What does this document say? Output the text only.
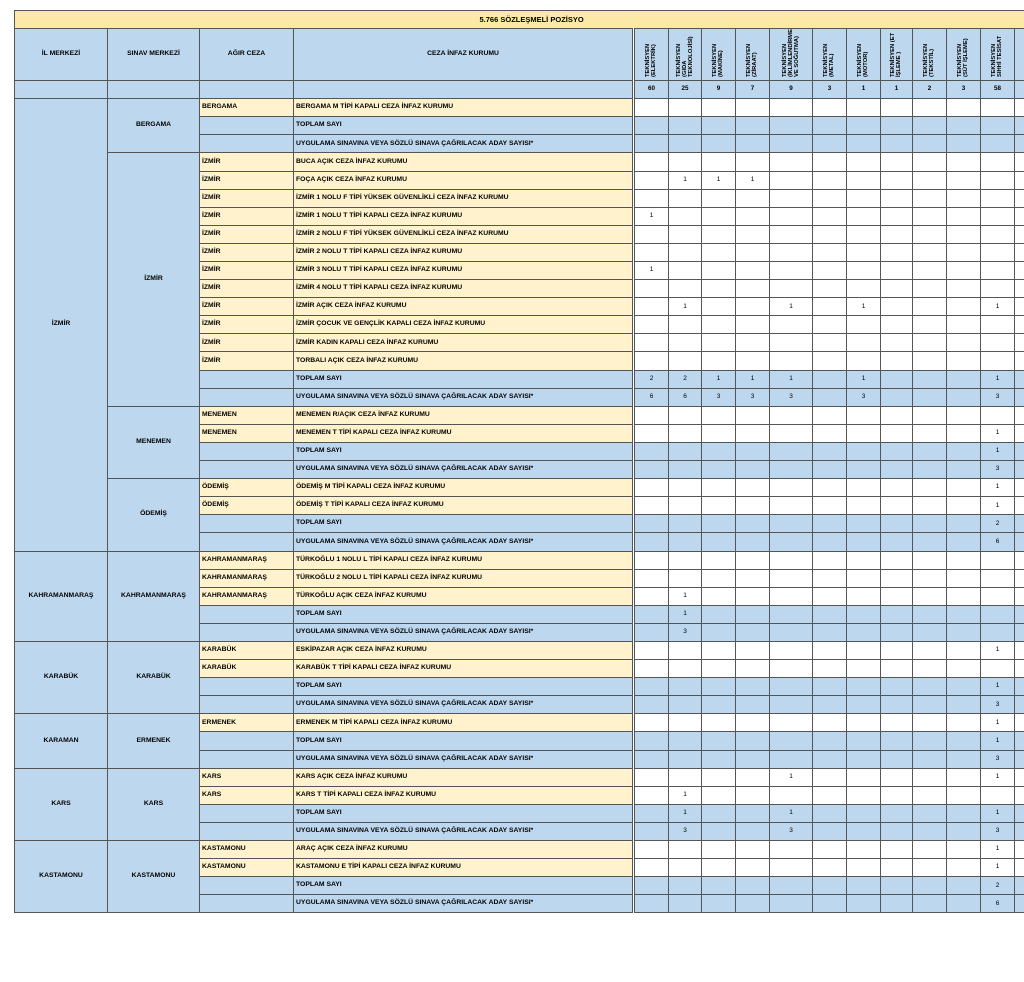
5.766 SÖZLEŞMELİ POZİSYO															
İL MERKEZİ	SINAV MERKEZİ	AĞIR CEZA	CEZA İNFAZ KURUMU	TEKNİSYEN (ELEKTRİK)	TEKNİSYEN (GIDA TEKNOLOJİSİ)	TEKNİSYEN (MAKİNE)	TEKNİSYEN (ZİRAAT)	TEKNİSYEN (İKLİMLENDİRME VE SOĞUTMA)	TEKNİSYEN (METAL)	TEKNİSYEN (MOTOR)	TEKNİSYEN (ET İŞLEME )	TEKNİSYEN (TEKSTİL)	TEKNİSYEN (SÜT İŞLEME)	TEKNİSYEN SIHHİ TESİSAT	

				60	25	9	7	9	3	1	1	2	3	58	
İZMİR	BERGAMA	BERGAMA	BERGAMA M TİPİ KAPALI CEZA İNFAZ KURUMU												
			TOPLAM SAYI												
			UYGULAMA SINAVINA VEYA SÖZLÜ SINAVA ÇAĞRILACAK ADAY SAYISI*												
	İZMİR	İZMİR	BUCA AÇIK CEZA İNFAZ KURUMU												
		İZMİR	FOÇA AÇIK CEZA İNFAZ KURUMU		1	1	1								
		İZMİR	İZMİR 1 NOLU F TİPİ YÜKSEK GÜVENLİKLİ CEZA İNFAZ KURUMU												
		İZMİR	İZMİR 1 NOLU T TİPİ KAPALI CEZA İNFAZ KURUMU	1											
		İZMİR	İZMİR 2 NOLU F TİPİ YÜKSEK GÜVENLİKLİ CEZA İNFAZ KURUMU												
		İZMİR	İZMİR 2 NOLU T TİPİ KAPALI CEZA İNFAZ KURUMU												
		İZMİR	İZMİR 3 NOLU T TİPİ KAPALI CEZA İNFAZ KURUMU	1											
		İZMİR	İZMİR 4 NOLU T TİPİ KAPALI CEZA İNFAZ KURUMU												
		İZMİR	İZMİR AÇIK CEZA İNFAZ KURUMU		1			1		1				1	
		İZMİR	İZMİR ÇOCUK VE GENÇLİK KAPALI CEZA İNFAZ KURUMU												
		İZMİR	İZMİR KADIN KAPALI CEZA İNFAZ KURUMU												
		İZMİR	TORBALI AÇIK CEZA İNFAZ KURUMU												
			TOPLAM SAYI	2	2	1	1	1		1				1	
			UYGULAMA SINAVINA VEYA SÖZLÜ SINAVA ÇAĞRILACAK ADAY SAYISI*	6	6	3	3	3		3				3	
	MENEMEN	MENEMEN	MENEMEN R/AÇIK CEZA İNFAZ KURUMU												
		MENEMEN	MENEMEN T TİPİ KAPALI CEZA İNFAZ KURUMU											1	
			TOPLAM SAYI											1	
			UYGULAMA SINAVINA VEYA SÖZLÜ SINAVA ÇAĞRILACAK ADAY SAYISI*											3	
	ÖDEMİŞ	ÖDEMİŞ	ÖDEMİŞ M TİPİ KAPALI CEZA İNFAZ KURUMU											1	
		ÖDEMİŞ	ÖDEMİŞ T TİPİ KAPALI CEZA İNFAZ KURUMU											1	
			TOPLAM SAYI											2	
			UYGULAMA SINAVINA VEYA SÖZLÜ SINAVA ÇAĞRILACAK ADAY SAYISI*											6	
KAHRAMANMARAŞ	KAHRAMANMARAŞ	KAHRAMANMARAŞ	TÜRKOĞLU 1 NOLU L TİPİ KAPALI CEZA İNFAZ KURUMU												
		KAHRAMANMARAŞ	TÜRKOĞLU 2 NOLU L TİPİ KAPALI CEZA İNFAZ KURUMU												
		KAHRAMANMARAŞ	TÜRKOĞLU AÇIK CEZA İNFAZ KURUMU		1										
			TOPLAM SAYI		1										
			UYGULAMA SINAVINA VEYA SÖZLÜ SINAVA ÇAĞRILACAK ADAY SAYISI*		3										
KARABÜK	KARABÜK	KARABÜK	ESKİPAZAR AÇIK CEZA İNFAZ KURUMU											1	
		KARABÜK	KARABÜK T TİPİ KAPALI CEZA İNFAZ KURUMU												
			TOPLAM SAYI											1	
			UYGULAMA SINAVINA VEYA SÖZLÜ SINAVA ÇAĞRILACAK ADAY SAYISI*											3	
KARAMAN	ERMENEK	ERMENEK	ERMENEK M TİPİ KAPALI CEZA İNFAZ KURUMU											1	
			TOPLAM SAYI											1	
			UYGULAMA SINAVINA VEYA SÖZLÜ SINAVA ÇAĞRILACAK ADAY SAYISI*											3	
KARS	KARS	KARS	KARS AÇIK CEZA İNFAZ KURUMU					1						1	
		KARS	KARS T TİPİ KAPALI CEZA İNFAZ KURUMU		1										
			TOPLAM SAYI		1			1						1	
			UYGULAMA SINAVINA VEYA SÖZLÜ SINAVA ÇAĞRILACAK ADAY SAYISI*		3			3						3	
KASTAMONU	KASTAMONU	KASTAMONU	ARAÇ AÇIK CEZA İNFAZ KURUMU											1	
		KASTAMONU	KASTAMONU E TİPİ KAPALI CEZA İNFAZ KURUMU											1	
			TOPLAM SAYI											2	
			UYGULAMA SINAVINA VEYA SÖZLÜ SINAVA ÇAĞRILACAK ADAY SAYISI*											6	
